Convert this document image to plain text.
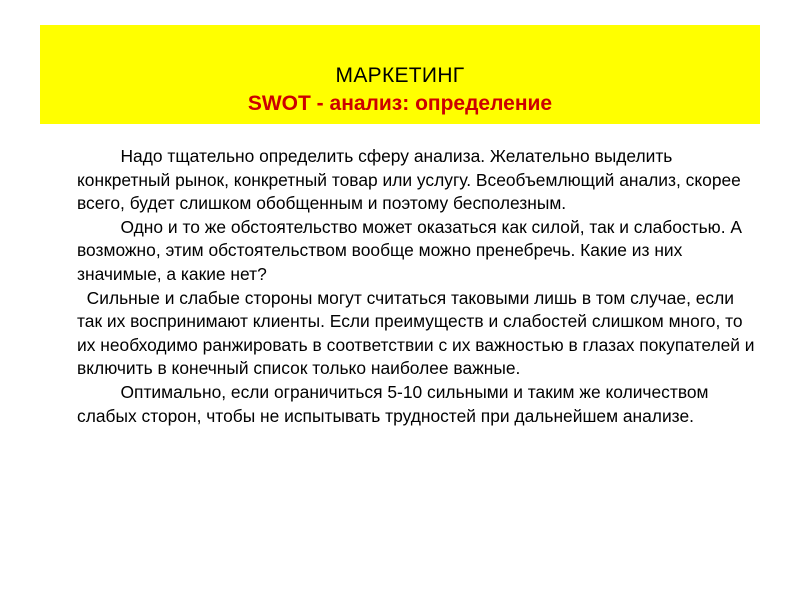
МАРКЕТИНГ
SWOT - анализ: определение

Надо тщательно определить сферу анализа. Желательно выделить конкретный рынок, конкретный товар или услугу. Всеобъемлющий анализ, скорее всего, будет слишком обобщенным и поэтому бесполезным.

Одно и то же обстоятельство может оказаться как силой, так и слабостью. А возможно, этим обстоятельством вообще можно пренебречь. Какие из них значимые, а какие нет?

Сильные и слабые стороны могут считаться таковыми лишь в том случае, если так их воспринимают клиенты. Если преимуществ и слабостей слишком много, то их необходимо ранжировать в соответствии с их важностью в глазах покупателей и включить в конечный список только наиболее важные.

Оптимально, если ограничиться 5-10 сильными и таким же количеством слабых сторон, чтобы не испытывать трудностей при дальнейшем анализе.
